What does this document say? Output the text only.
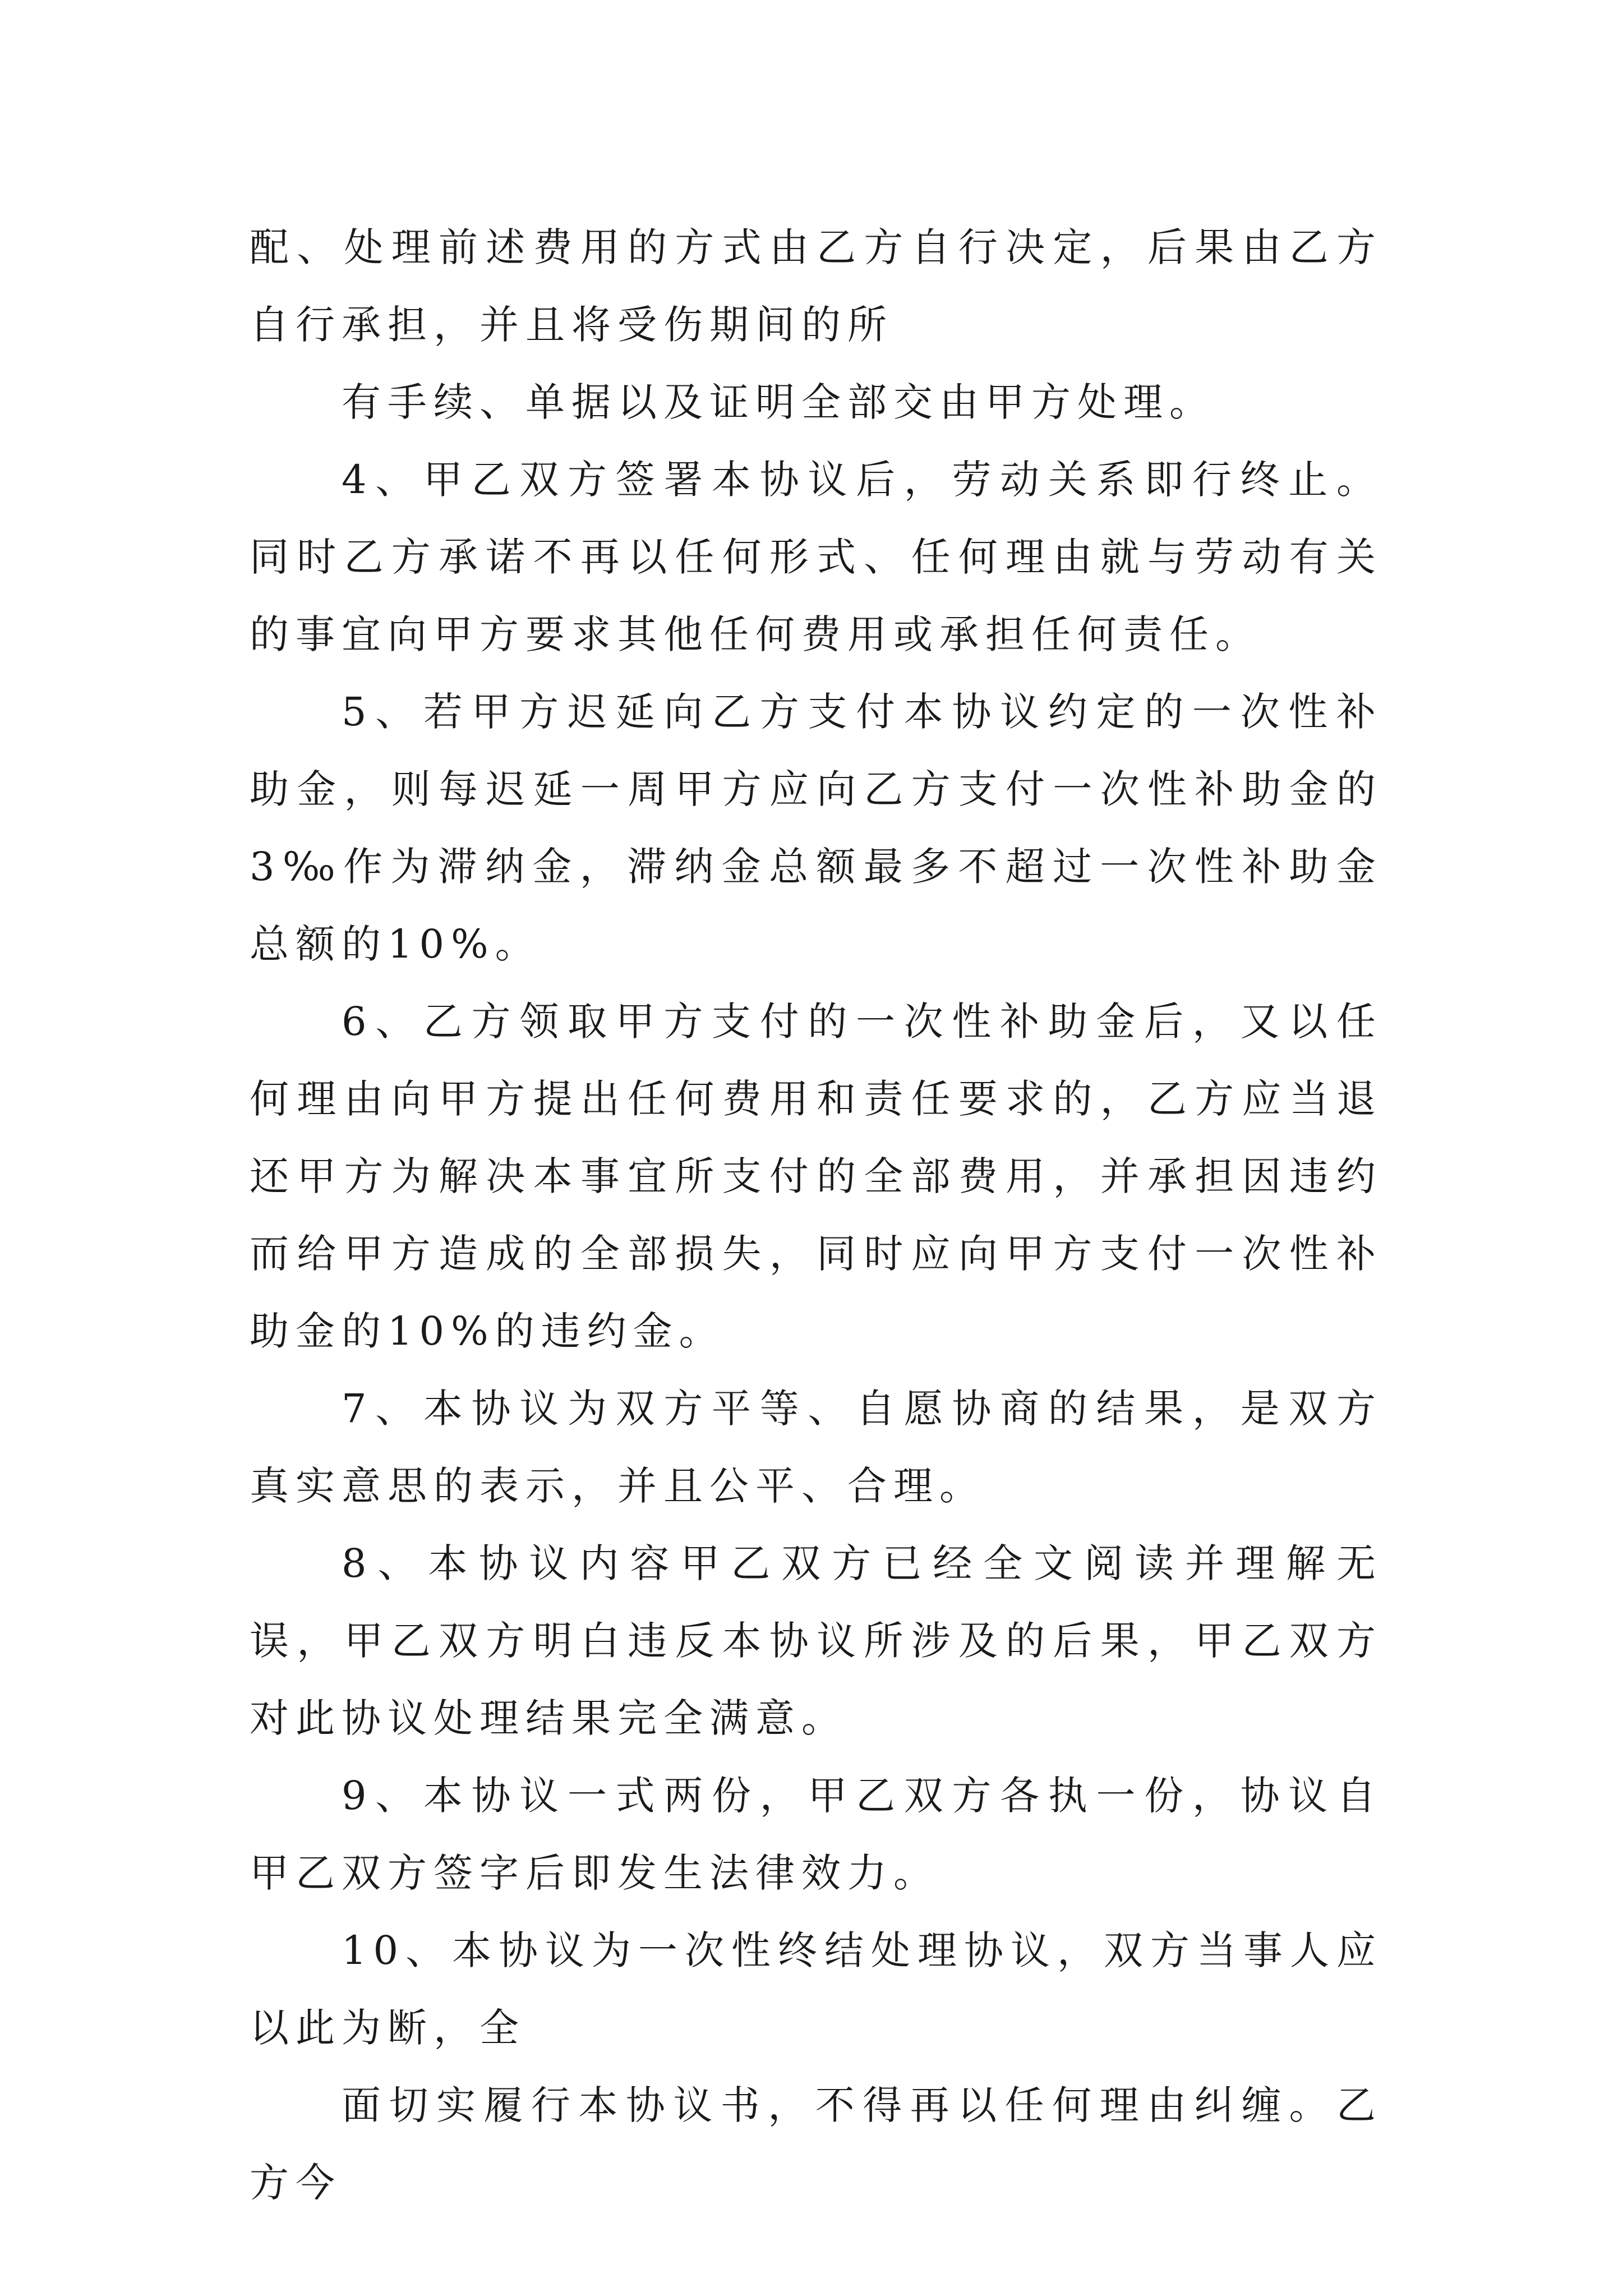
配、处理前述费用的方式由乙方自行决定，后果由乙方自行承担，并且将受伤期间的所

有手续、单据以及证明全部交由甲方处理。

4、甲乙双方签署本协议后，劳动关系即行终止。同时乙方承诺不再以任何形式、任何理由就与劳动有关的事宜向甲方要求其他任何费用或承担任何责任。

5、若甲方迟延向乙方支付本协议约定的一次性补助金，则每迟延一周甲方应向乙方支付一次性补助金的3‰作为滞纳金，滞纳金总额最多不超过一次性补助金总额的10%。

6、乙方领取甲方支付的一次性补助金后，又以任何理由向甲方提出任何费用和责任要求的，乙方应当退还甲方为解决本事宜所支付的全部费用，并承担因违约而给甲方造成的全部损失，同时应向甲方支付一次性补助金的10%的违约金。

7、本协议为双方平等、自愿协商的结果，是双方真实意思的表示，并且公平、合理。

8、本协议内容甲乙双方已经全文阅读并理解无误，甲乙双方明白违反本协议所涉及的后果，甲乙双方对此协议处理结果完全满意。

9、本协议一式两份，甲乙双方各执一份，协议自甲乙双方签字后即发生法律效力。

10、本协议为一次性终结处理协议，双方当事人应以此为断，全

面切实履行本协议书，不得再以任何理由纠缠。乙方今
